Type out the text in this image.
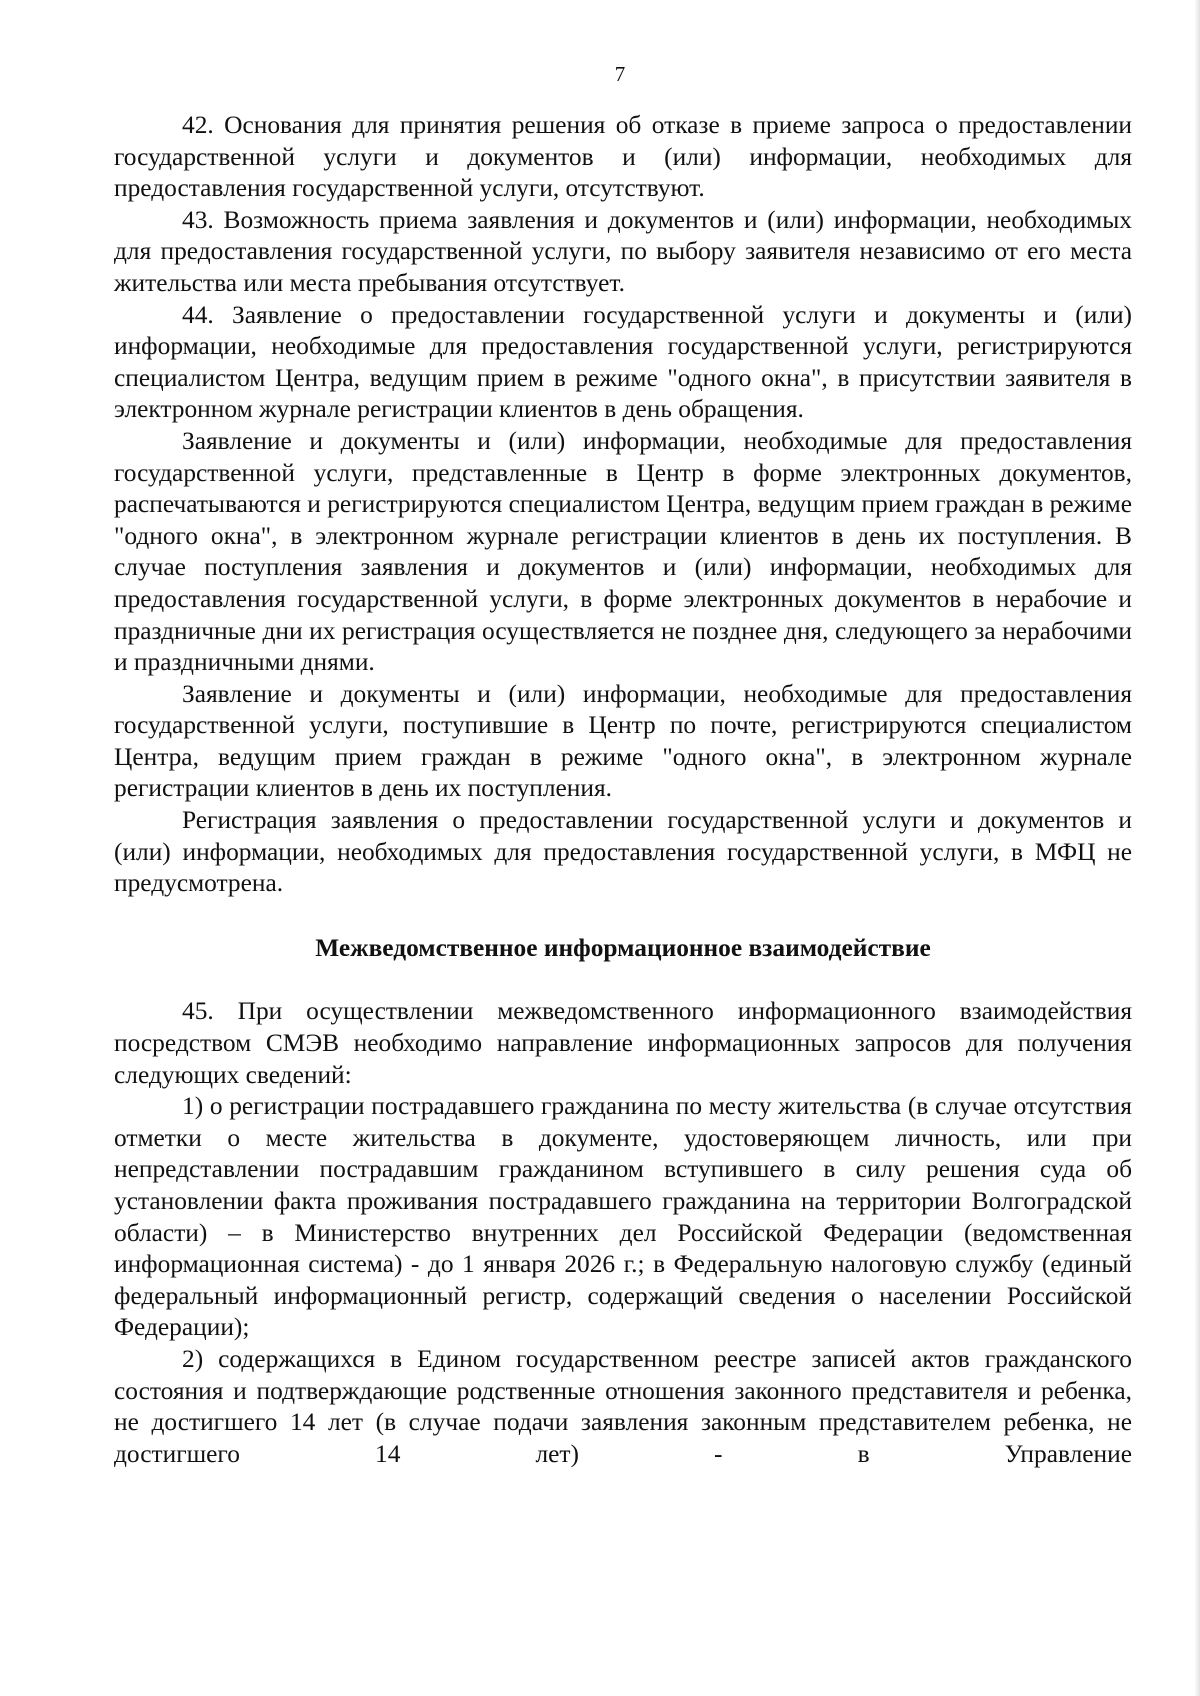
7

42. Основания для принятия решения об отказе в приеме запроса о предоставлении государственной услуги и документов и (или) информации, необходимых для предоставления государственной услуги, отсутствуют.

43. Возможность приема заявления и документов и (или) информации, необходимых для предоставления государственной услуги, по выбору заявителя независимо от его места жительства или места пребывания отсутствует.

44. Заявление о предоставлении государственной услуги и документы и (или) информации, необходимые для предоставления государственной услуги, регистрируются специалистом Центра, ведущим прием в режиме "одного окна", в присутствии заявителя в электронном журнале регистрации клиентов в день обращения.

Заявление и документы и (или) информации, необходимые для предоставления государственной услуги, представленные в Центр в форме электронных документов, распечатываются и регистрируются специалистом Центра, ведущим прием граждан в режиме "одного окна", в электронном журнале регистрации клиентов в день их поступления. В случае поступления заявления и документов и (или) информации, необходимых для предоставления государственной услуги, в форме электронных документов в нерабочие и праздничные дни их регистрация осуществляется не позднее дня, следующего за нерабочими и праздничными днями.

Заявление и документы и (или) информации, необходимые для предоставления государственной услуги, поступившие в Центр по почте, регистрируются специалистом Центра, ведущим прием граждан в режиме "одного окна", в электронном журнале регистрации клиентов в день их поступления.

Регистрация заявления о предоставлении государственной услуги и документов и (или) информации, необходимых для предоставления государственной услуги, в МФЦ не предусмотрена.

Межведомственное информационное взаимодействие

45. При осуществлении межведомственного информационного взаимодействия посредством СМЭВ необходимо направление информационных запросов для получения следующих сведений:

1) о регистрации пострадавшего гражданина по месту жительства (в случае отсутствия отметки о месте жительства в документе, удостоверяющем личность, или при непредставлении пострадавшим гражданином вступившего в силу решения суда об установлении факта проживания пострадавшего гражданина на территории Волгоградской области) – в Министерство внутренних дел Российской Федерации (ведомственная информационная система) - до 1 января 2026 г.; в Федеральную налоговую службу (единый федеральный информационный регистр, содержащий сведения о населении Российской Федерации);

2) содержащихся в Едином государственном реестре записей актов гражданского состояния и подтверждающие родственные отношения законного представителя и ребенка, не достигшего 14 лет (в случае подачи заявления законным представителем ребенка, не достигшего 14 лет) - в Управление
